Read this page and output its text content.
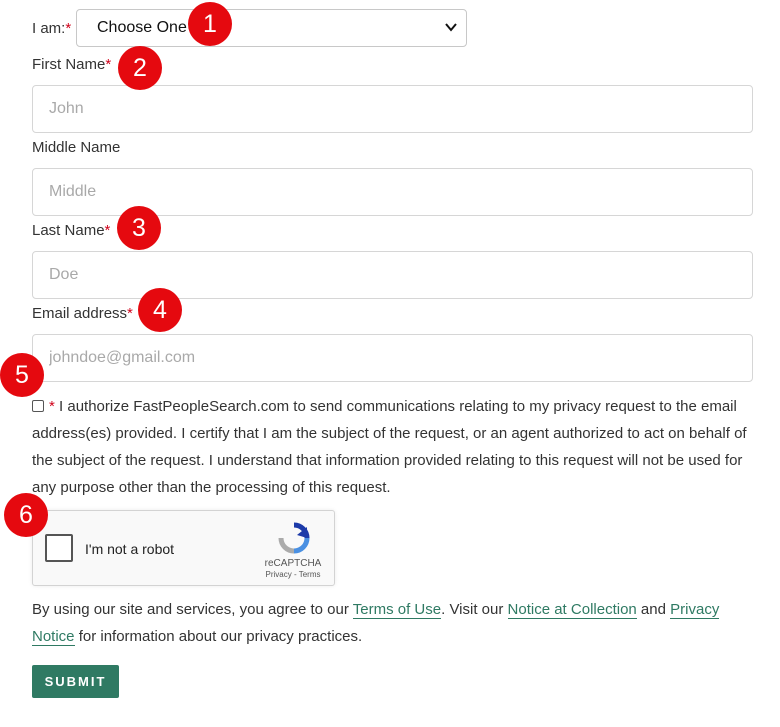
I am:* Choose One
First Name*
John
Middle Name
Middle
Last Name*
Doe
Email address*
johndoe@gmail.com
* I authorize FastPeopleSearch.com to send communications relating to my privacy request to the email address(es) provided. I certify that I am the subject of the request, or an agent authorized to act on behalf of the subject of the request. I understand that information provided relating to this request will not be used for any purpose other than the processing of this request.
I'm not a robot
reCAPTCHA
Privacy - Terms
By using our site and services, you agree to our Terms of Use. Visit our Notice at Collection and Privacy Notice for information about our privacy practices.
SUBMIT
1
2
3
4
5
6
